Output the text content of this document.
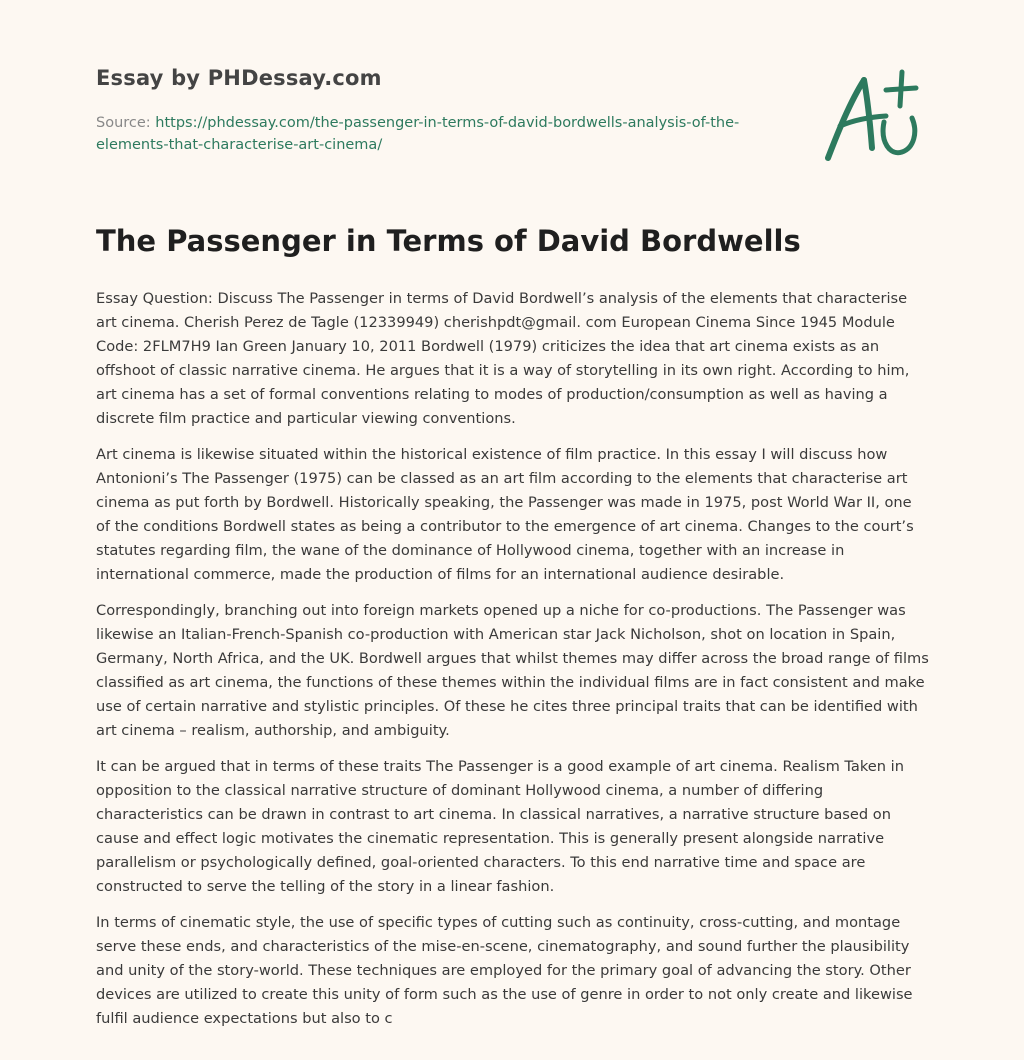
Essay by PHDessay.com
Source: https://phdessay.com/the-passenger-in-terms-of-david-bordwells-analysis-of-the-elements-that-characterise-art-cinema/
The Passenger in Terms of David Bordwells

Essay Question: Discuss The Passenger in terms of David Bordwell’s analysis of the elements that characterise art cinema. Cherish Perez de Tagle (12339949) cherishpdt@gmail. com European Cinema Since 1945 Module Code: 2FLM7H9 Ian Green January 10, 2011 Bordwell (1979) criticizes the idea that art cinema exists as an offshoot of classic narrative cinema. He argues that it is a way of storytelling in its own right. According to him, art cinema has a set of formal conventions relating to modes of production/consumption as well as having a discrete film practice and particular viewing conventions.

Art cinema is likewise situated within the historical existence of film practice. In this essay I will discuss how Antonioni’s The Passenger (1975) can be classed as an art film according to the elements that characterise art cinema as put forth by Bordwell. Historically speaking, the Passenger was made in 1975, post World War II, one of the conditions Bordwell states as being a contributor to the emergence of art cinema. Changes to the court’s statutes regarding film, the wane of the dominance of Hollywood cinema, together with an increase in international commerce, made the production of films for an international audience desirable.

Correspondingly, branching out into foreign markets opened up a niche for co-productions. The Passenger was likewise an Italian-French-Spanish co-production with American star Jack Nicholson, shot on location in Spain, Germany, North Africa, and the UK. Bordwell argues that whilst themes may differ across the broad range of films classified as art cinema, the functions of these themes within the individual films are in fact consistent and make use of certain narrative and stylistic principles. Of these he cites three principal traits that can be identified with art cinema – realism, authorship, and ambiguity.

It can be argued that in terms of these traits The Passenger is a good example of art cinema. Realism Taken in opposition to the classical narrative structure of dominant Hollywood cinema, a number of differing characteristics can be drawn in contrast to art cinema. In classical narratives, a narrative structure based on cause and effect logic motivates the cinematic representation. This is generally present alongside narrative parallelism or psychologically defined, goal-oriented characters. To this end narrative time and space are constructed to serve the telling of the story in a linear fashion.

In terms of cinematic style, the use of specific types of cutting such as continuity, cross-cutting, and montage serve these ends, and characteristics of the mise-en-scene, cinematography, and sound further the plausibility and unity of the story-world. These techniques are employed for the primary goal of advancing the story. Other devices are utilized to create this unity of form such as the use of genre in order to not only create and likewise fulfil audience expectations but also to c
